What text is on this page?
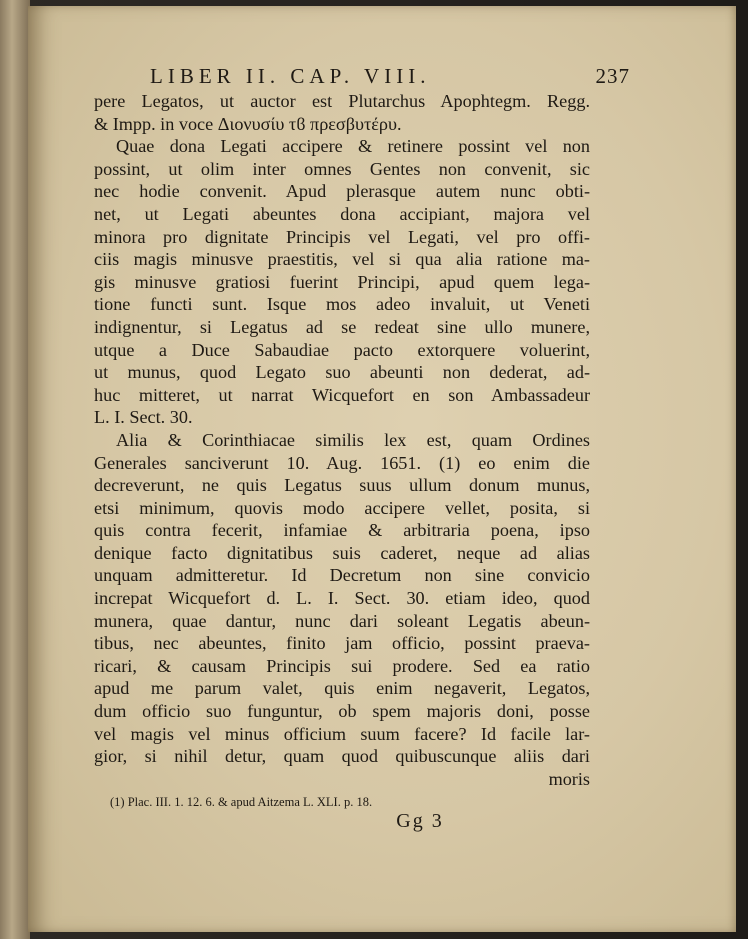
LIBER II. CAP. VIII.	237
pere Legatos, ut auctor est Plutarchus Apophtegm. Regg.
& Impp. in voce Διονυσίυ τϐ πρεσβυτέρυ.
Quae dona Legati accipere & retinere possint vel non
possint, ut olim inter omnes Gentes non convenit, sic
nec hodie convenit. Apud plerasque autem nunc obti-
net, ut Legati abeuntes dona accipiant, majora vel
minora pro dignitate Principis vel Legati, vel pro offi-
ciis magis minusve praestitis, vel si qua alia ratione ma-
gis minusve gratiosi fuerint Principi, apud quem lega-
tione functi sunt. Isque mos adeo invaluit, ut Veneti
indignentur, si Legatus ad se redeat sine ullo munere,
utque a Duce Sabaudiae pacto extorquere voluerint,
ut munus, quod Legato suo abeunti non dederat, ad-
huc mitteret, ut narrat Wicquefort en son Ambassadeur
L. I. Sect. 30.
Alia & Corinthiacae similis lex est, quam Ordines
Generales sanciverunt 10. Aug. 1651. (1) eo enim die
decreverunt, ne quis Legatus suus ullum donum munus,
etsi minimum, quovis modo accipere vellet, posita, si
quis contra fecerit, infamiae & arbitraria poena, ipso
denique facto dignitatibus suis caderet, neque ad alias
unquam admitteretur. Id Decretum non sine convicio
increpat Wicquefort d. L. I. Sect. 30. etiam ideo, quod
munera, quae dantur, nunc dari soleant Legatis abeun-
tibus, nec abeuntes, finito jam officio, possint praeva-
ricari, & causam Principis sui prodere. Sed ea ratio
apud me parum valet, quis enim negaverit, Legatos,
dum officio suo funguntur, ob spem majoris doni, posse
vel magis vel minus officium suum facere? Id facile lar-
gior, si nihil detur, quam quod quibuscunque aliis dari
moris
(1) Plac. III. 1. 12. 6. & apud Aitzema L. XLI. p. 18.
Gg 3
